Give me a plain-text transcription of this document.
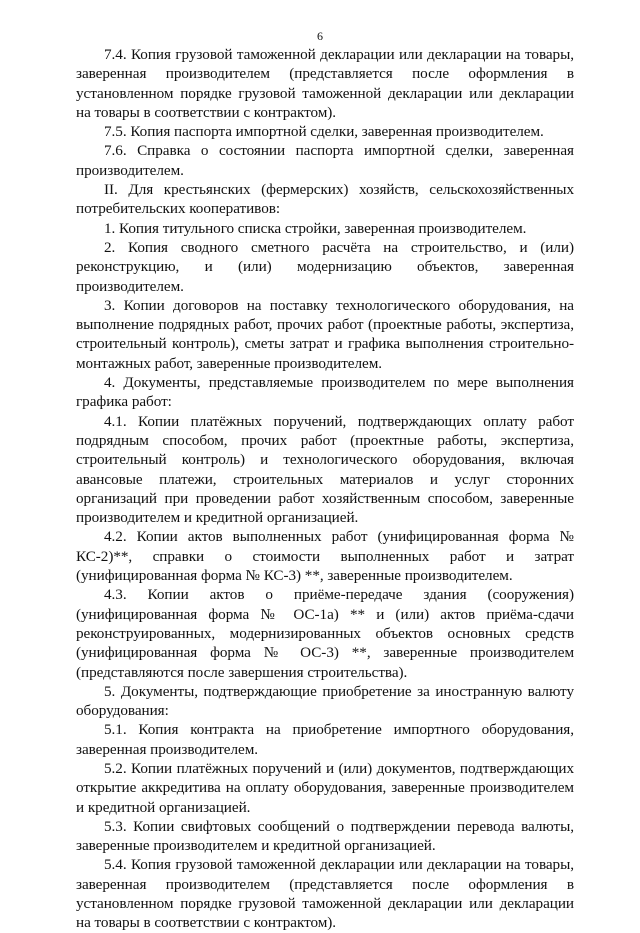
6

7.4. Копия грузовой таможенной декларации или декларации на товары, заверенная производителем (представляется после оформления в установленном порядке грузовой таможенной декларации или декларации на товары в соответствии с контрактом).

7.5. Копия паспорта импортной сделки, заверенная производителем.

7.6. Справка о состоянии паспорта импортной сделки, заверенная производителем.

II. Для крестьянских (фермерских) хозяйств, сельскохозяйственных потребительских кооперативов:

1. Копия титульного списка стройки, заверенная производителем.

2. Копия сводного сметного расчёта на строительство, и (или) реконструкцию, и (или) модернизацию объектов, заверенная производителем.

3. Копии договоров на поставку технологического оборудования, на выполнение подрядных работ, прочих работ (проектные работы, экспертиза, строительный контроль), сметы затрат и графика выполнения строительно-монтажных работ, заверенные производителем.

4. Документы, представляемые производителем по мере выполнения графика работ:

4.1. Копии платёжных поручений, подтверждающих оплату работ подрядным способом, прочих работ (проектные работы, экспертиза, строительный контроль) и технологического оборудования, включая авансовые платежи, строительных материалов и услуг сторонних организаций при проведении работ хозяйственным способом, заверенные производителем и кредитной организацией.

4.2. Копии актов выполненных работ (унифицированная форма № КС-2)**, справки о стоимости выполненных работ и затрат (унифицированная форма № КС-3) **, заверенные производителем.

4.3. Копии актов о приёме-передаче здания (сооружения) (унифицированная форма № ОС-1а) ** и (или) актов приёма-сдачи реконструированных, модернизированных объектов основных средств (унифицированная форма № ОС-3) **, заверенные производителем (представляются после завершения строительства).

5. Документы, подтверждающие приобретение за иностранную валюту оборудования:

5.1. Копия контракта на приобретение импортного оборудования, заверенная производителем.

5.2. Копии платёжных поручений и (или) документов, подтверждающих открытие аккредитива на оплату оборудования, заверенные производителем и кредитной организацией.

5.3. Копии свифтовых сообщений о подтверждении перевода валюты, заверенные производителем и кредитной организацией.

5.4. Копия грузовой таможенной декларации или декларации на товары, заверенная производителем (представляется после оформления в установленном порядке грузовой таможенной декларации или декларации на товары в соответствии с контрактом).
